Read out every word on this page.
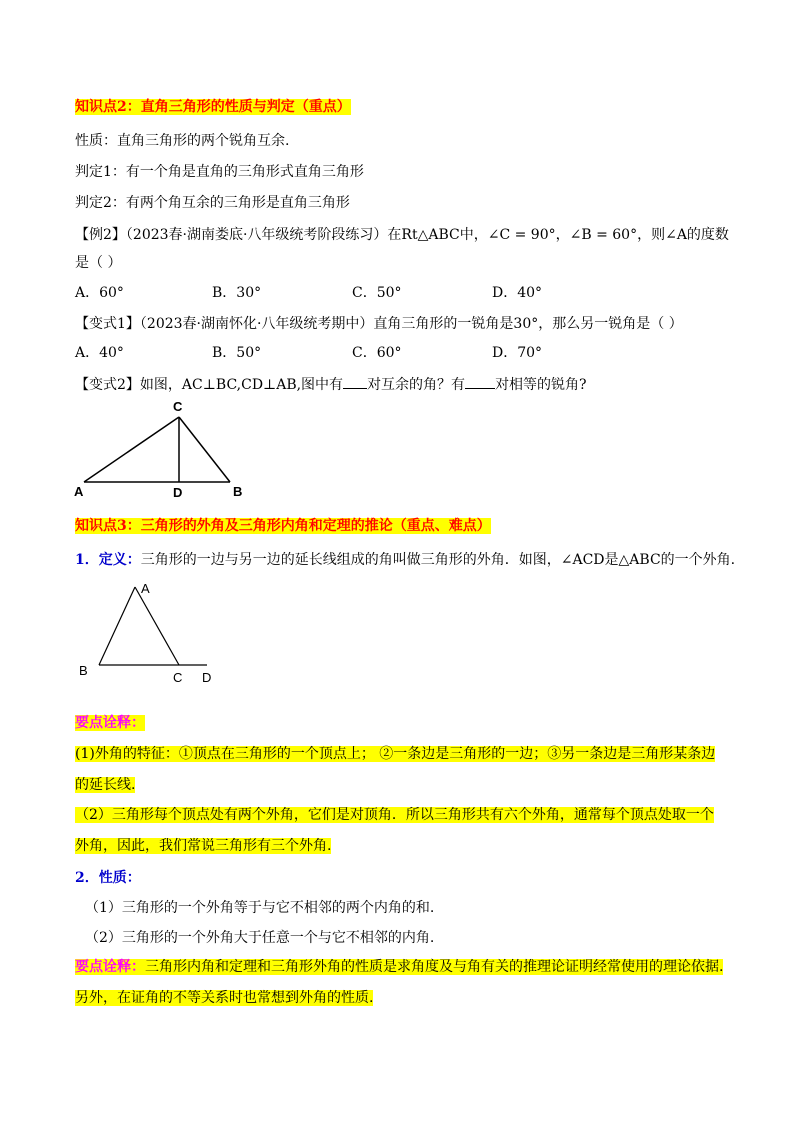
知识点2：直角三角形的性质与判定（重点）
性质：直角三角形的两个锐角互余.
判定1：有一个角是直角的三角形式直角三角形
判定2：有两个角互余的三角形是直角三角形
【例2】（2023春·湖南娄底·八年级统考阶段练习）在Rt△ABC中，∠C = 90°，∠B = 60°，则∠A的度数
是（ ）
A．60°	B．30°	C．50°	D．40°
【变式1】（2023春·湖南怀化·八年级统考期中）直角三角形的一锐角是30°，那么另一锐角是（ ）
A．40°	B．50°	C．60°	D．70°
【变式2】如图，AC⊥BC,CD⊥AB,图中有 对互余的角？有 对相等的锐角?
C
A	D	B
知识点3：三角形的外角及三角形内角和定理的推论（重点、难点）
1．定义：三角形的一边与另一边的延长线组成的角叫做三角形的外角．如图，∠ACD是△ABC的一个外角.
A
B	C D
要点诠释：
(1)外角的特征：①顶点在三角形的一个顶点上； ②一条边是三角形的一边；③另一条边是三角形某条边
的延长线.
（2）三角形每个顶点处有两个外角，它们是对顶角．所以三角形共有六个外角，通常每个顶点处取一个
外角，因此，我们常说三角形有三个外角.
2．性质：
（1）三角形的一个外角等于与它不相邻的两个内角的和.
（2）三角形的一个外角大于任意一个与它不相邻的内角.
要点诠释：三角形内角和定理和三角形外角的性质是求角度及与角有关的推理论证明经常使用的理论依据.
另外，在证角的不等关系时也常想到外角的性质.
